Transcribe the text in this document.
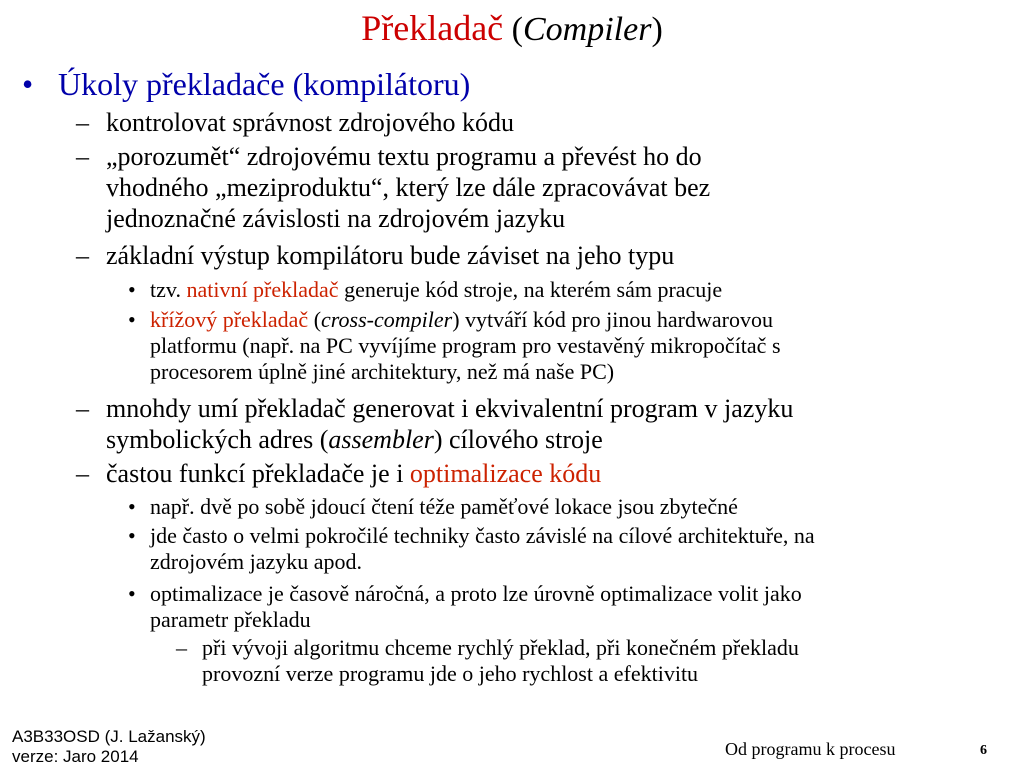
Překladač (Compiler)
• Úkoly překladače (kompilátoru)

– kontrolovat správnost zdrojového kódu

– „porozumět“ zdrojovému textu programu a převést ho do

vhodného „meziproduktu“, který lze dále zpracovávat bez

jednoznačné závislosti na zdrojovém jazyku

– základní výstup kompilátoru bude záviset na jeho typu

• tzv. nativní překladač generuje kód stroje, na kterém sám pracuje

• křížový překladač (cross-compiler) vytváří kód pro jinou hardwarovou

platformu (např. na PC vyvíjíme program pro vestavěný mikropočítač s

procesorem úplně jiné architektury, než má naše PC)

– mnohdy umí překladač generovat i ekvivalentní program v jazyku

symbolických adres (assembler) cílového stroje

– častou funkcí překladače je i optimalizace kódu

• např. dvě po sobě jdoucí čtení téže paměťové lokace jsou zbytečné

• jde často o velmi pokročilé techniky často závislé na cílové architektuře, na

zdrojovém jazyku apod.

• optimalizace je časově náročná, a proto lze úrovně optimalizace volit jako

parametr překladu

– při vývoji algoritmu chceme rychlý překlad, při konečném překladu

provozní verze programu jde o jeho rychlost a efektivitu

A3B33OSD (J. Lažanský)
verze: Jaro 2014	Od programu k procesu	6
